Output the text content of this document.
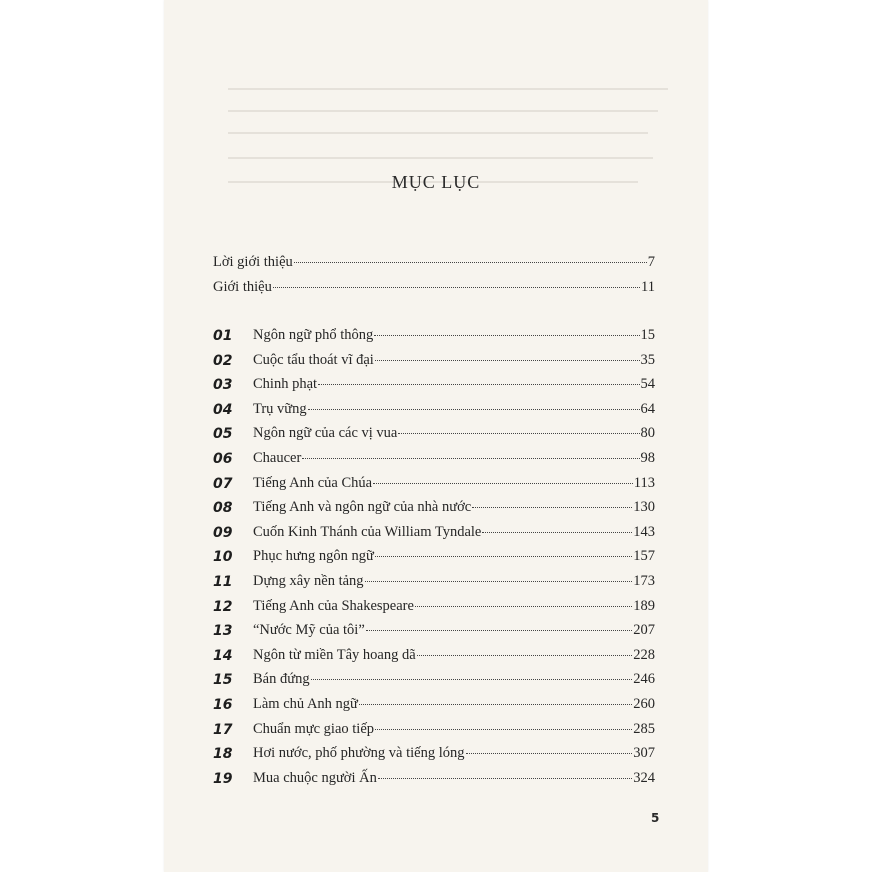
MỤC LỤC
Lời giới thiệu	7
Giới thiệu	11
01 Ngôn ngữ phổ thông	15
02 Cuộc tẩu thoát vĩ đại	35
03 Chinh phạt	54
04 Trụ vững	64
05 Ngôn ngữ của các vị vua	80
06 Chaucer	98
07 Tiếng Anh của Chúa	113
08 Tiếng Anh và ngôn ngữ của nhà nước	130
09 Cuốn Kinh Thánh của William Tyndale	143
10 Phục hưng ngôn ngữ	157
11 Dựng xây nền tảng	173
12 Tiếng Anh của Shakespeare	189
13 “Nước Mỹ của tôi”	207
14 Ngôn từ miền Tây hoang dã	228
15 Bán đứng	246
16 Làm chủ Anh ngữ	260
17 Chuẩn mực giao tiếp	285
18 Hơi nước, phố phường và tiếng lóng	307
19 Mua chuộc người Ấn	324
5
